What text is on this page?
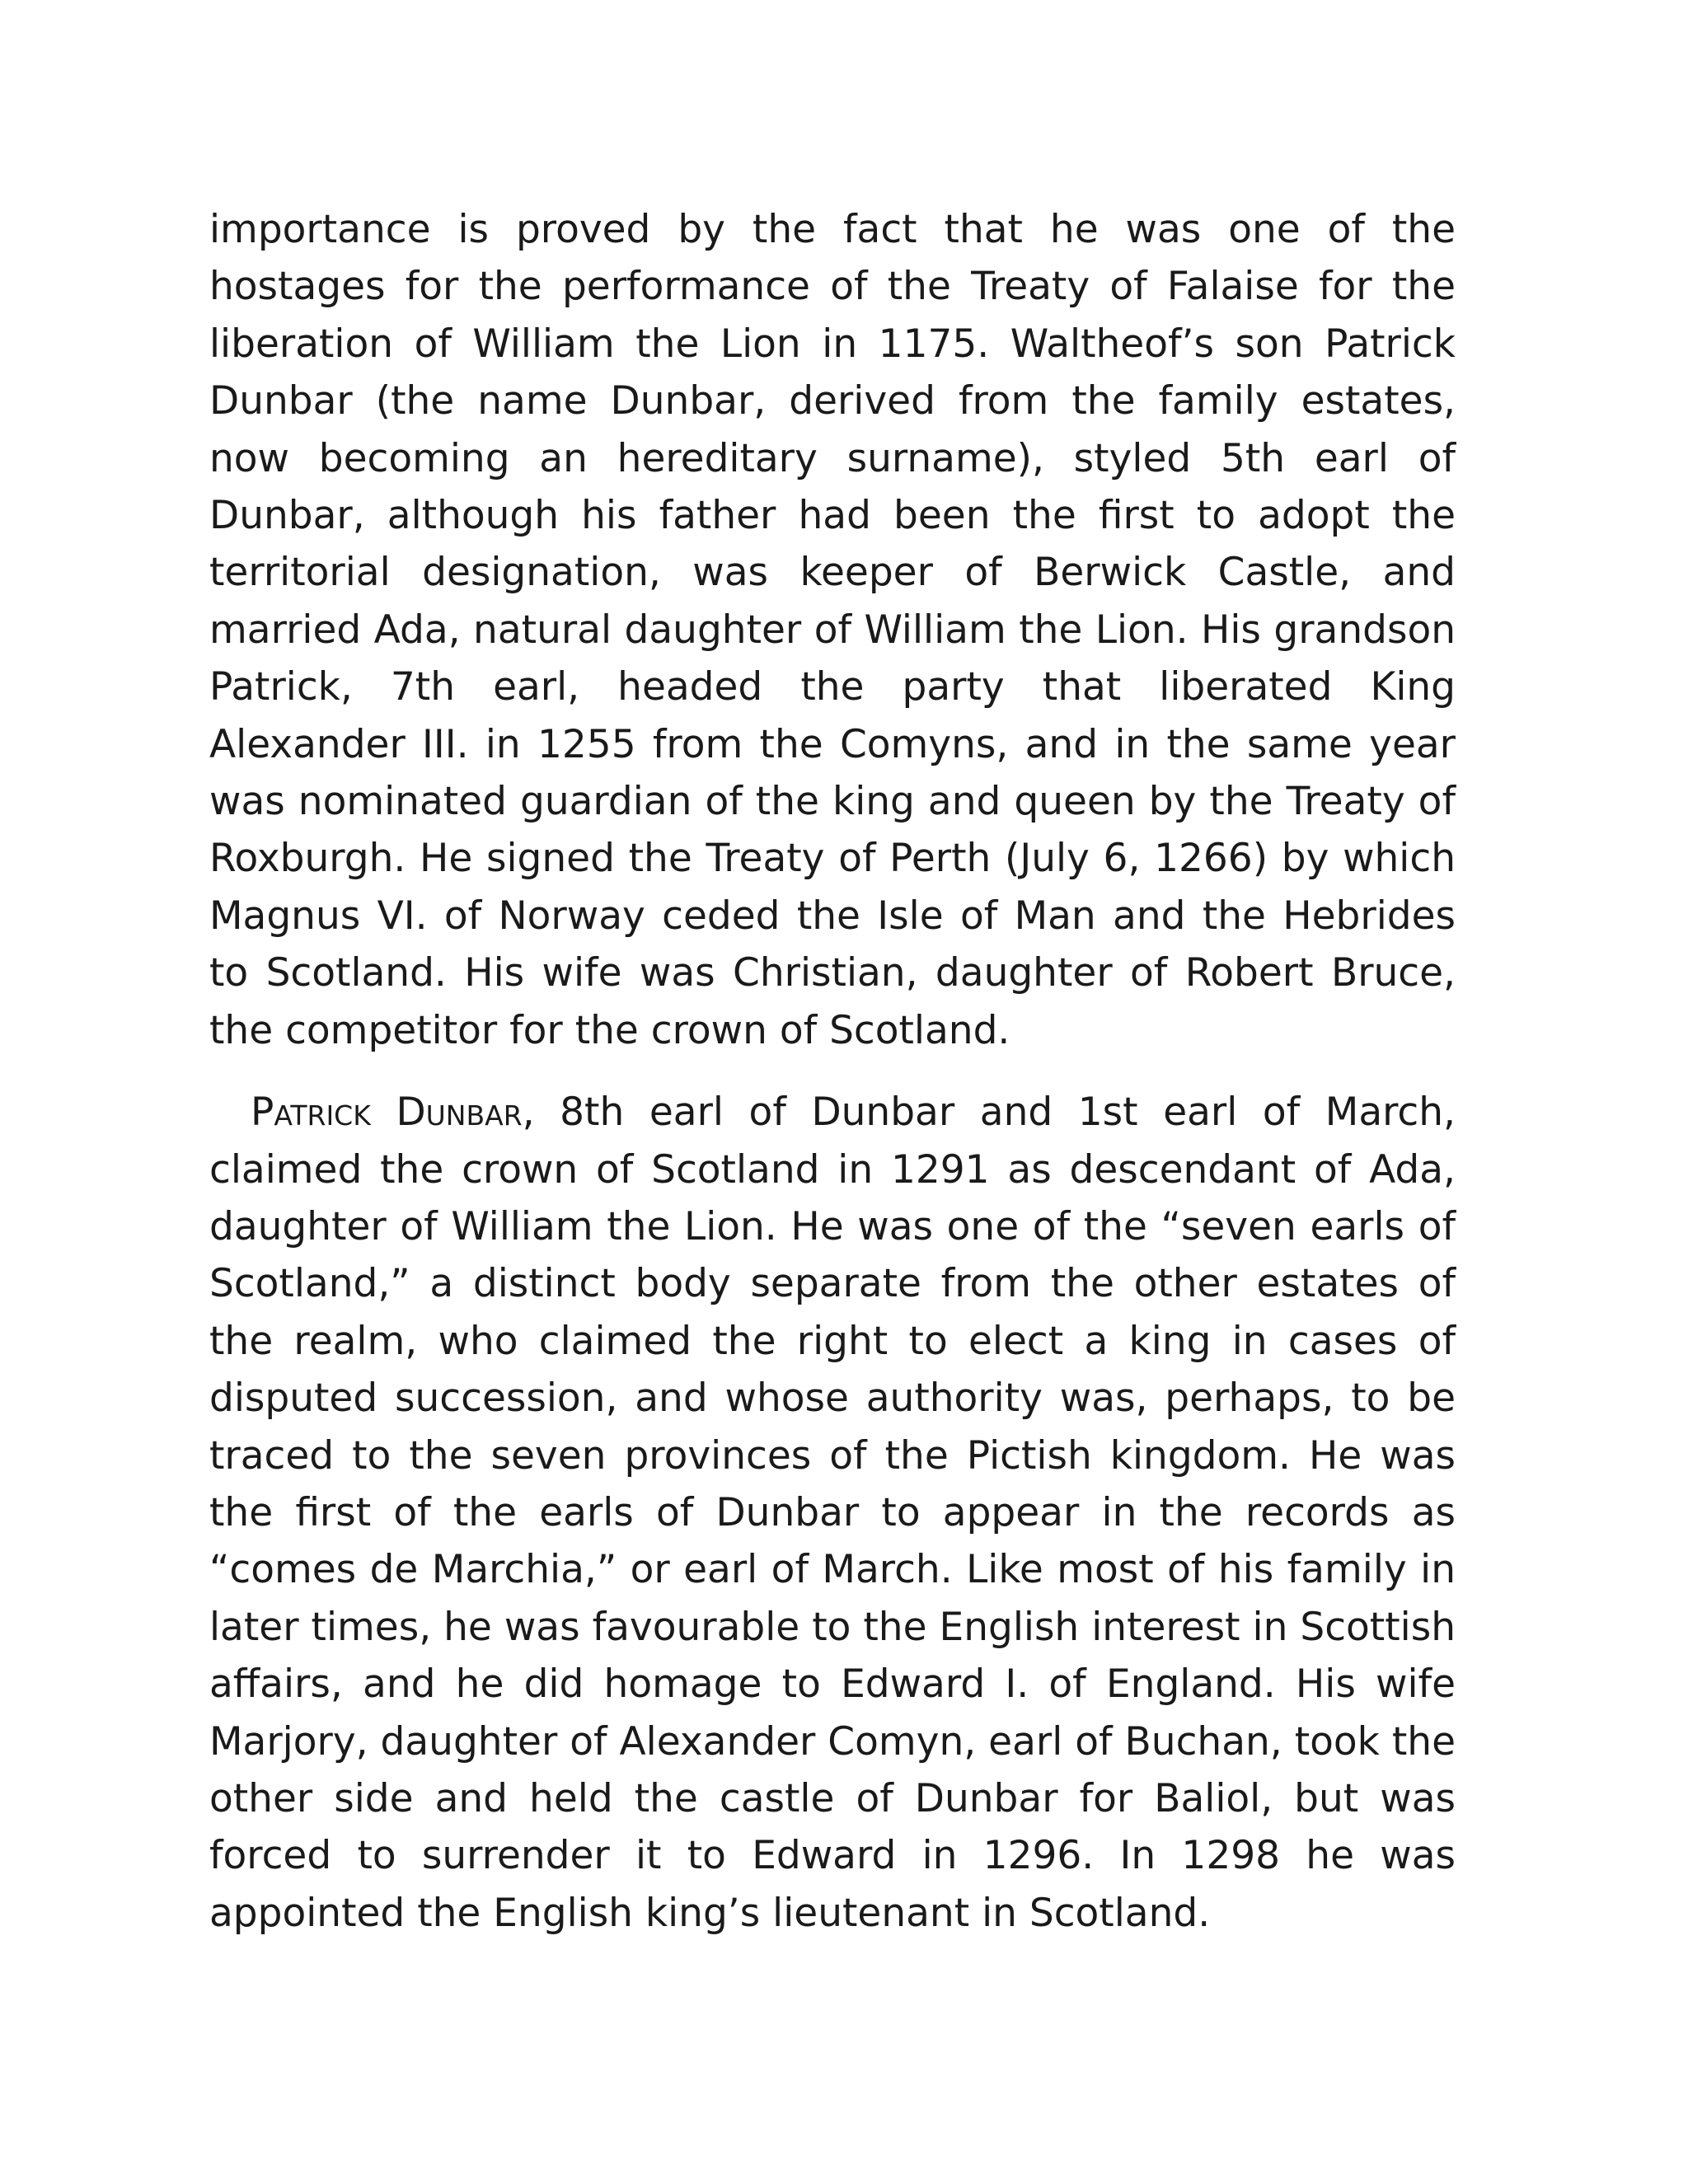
importance is proved by the fact that he was one of the hostages for the performance of the Treaty of Falaise for the liberation of William the Lion in 1175. Waltheof’s son Patrick Dunbar (the name Dunbar, derived from the family estates, now becoming an hereditary surname), styled 5th earl of Dunbar, although his father had been the first to adopt the territorial designation, was keeper of Berwick Castle, and married Ada, natural daughter of William the Lion. His grandson Patrick, 7th earl, headed the party that liberated King Alexander III. in 1255 from the Comyns, and in the same year was nominated guardian of the king and queen by the Treaty of Roxburgh. He signed the Treaty of Perth (July 6, 1266) by which Magnus VI. of Norway ceded the Isle of Man and the Hebrides to Scotland. His wife was Christian, daughter of Robert Bruce, the competitor for the crown of Scotland.

Patrick Dunbar, 8th earl of Dunbar and 1st earl of March, claimed the crown of Scotland in 1291 as descendant of Ada, daughter of William the Lion. He was one of the “seven earls of Scotland,” a distinct body separate from the other estates of the realm, who claimed the right to elect a king in cases of disputed succession, and whose authority was, perhaps, to be traced to the seven provinces of the Pictish kingdom. He was the first of the earls of Dunbar to appear in the records as “comes de Marchia,” or earl of March. Like most of his family in later times, he was favourable to the English interest in Scottish affairs, and he did homage to Edward I. of England. His wife Marjory, daughter of Alexander Comyn, earl of Buchan, took the other side and held the castle of Dunbar for Baliol, but was forced to surrender it to Edward in 1296. In 1298 he was appointed the English king’s lieutenant in Scotland.
